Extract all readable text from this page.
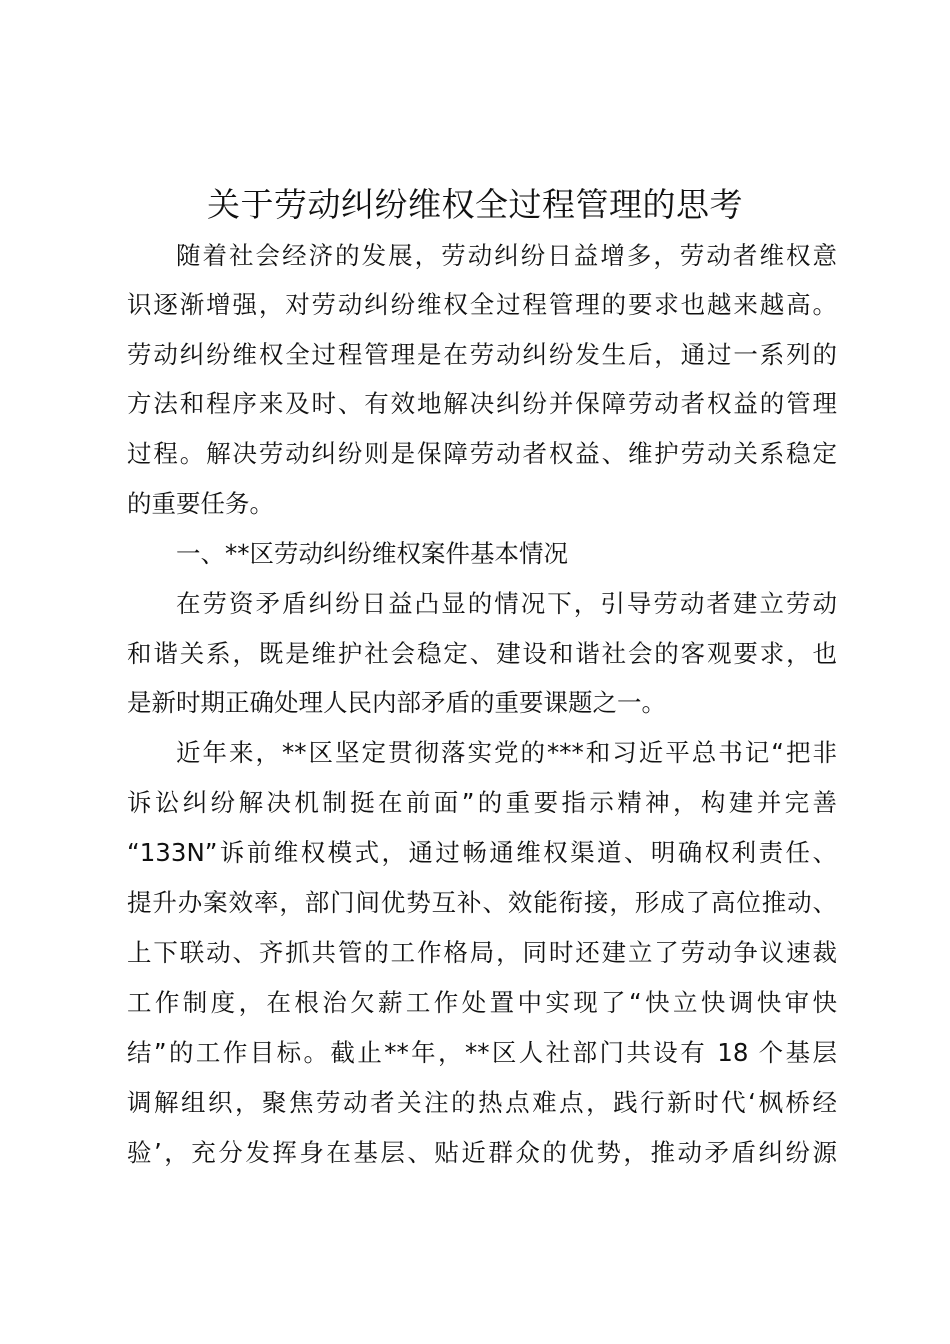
关于劳动纠纷维权全过程管理的思考
随着社会经济的发展，劳动纠纷日益增多，劳动者维权意
识逐渐增强，对劳动纠纷维权全过程管理的要求也越来越高。
劳动纠纷维权全过程管理是在劳动纠纷发生后，通过一系列的
方法和程序来及时、有效地解决纠纷并保障劳动者权益的管理
过程。解决劳动纠纷则是保障劳动者权益、维护劳动关系稳定
的重要任务。
一、**区劳动纠纷维权案件基本情况
在劳资矛盾纠纷日益凸显的情况下，引导劳动者建立劳动
和谐关系，既是维护社会稳定、建设和谐社会的客观要求，也
是新时期正确处理人民内部矛盾的重要课题之一。
近年来，**区坚定贯彻落实党的***和习近平总书记“把非
诉讼纠纷解决机制挺在前面”的重要指示精神，构建并完善
“133N”诉前维权模式，通过畅通维权渠道、明确权利责任、
提升办案效率，部门间优势互补、效能衔接，形成了高位推动、
上下联动、齐抓共管的工作格局，同时还建立了劳动争议速裁
工作制度，在根治欠薪工作处置中实现了“快立快调快审快
结”的工作目标。截止**年，**区人社部门共设有 18 个基层
调解组织，聚焦劳动者关注的热点难点，践行新时代‘枫桥经
验’，充分发挥身在基层、贴近群众的优势，推动矛盾纠纷源
